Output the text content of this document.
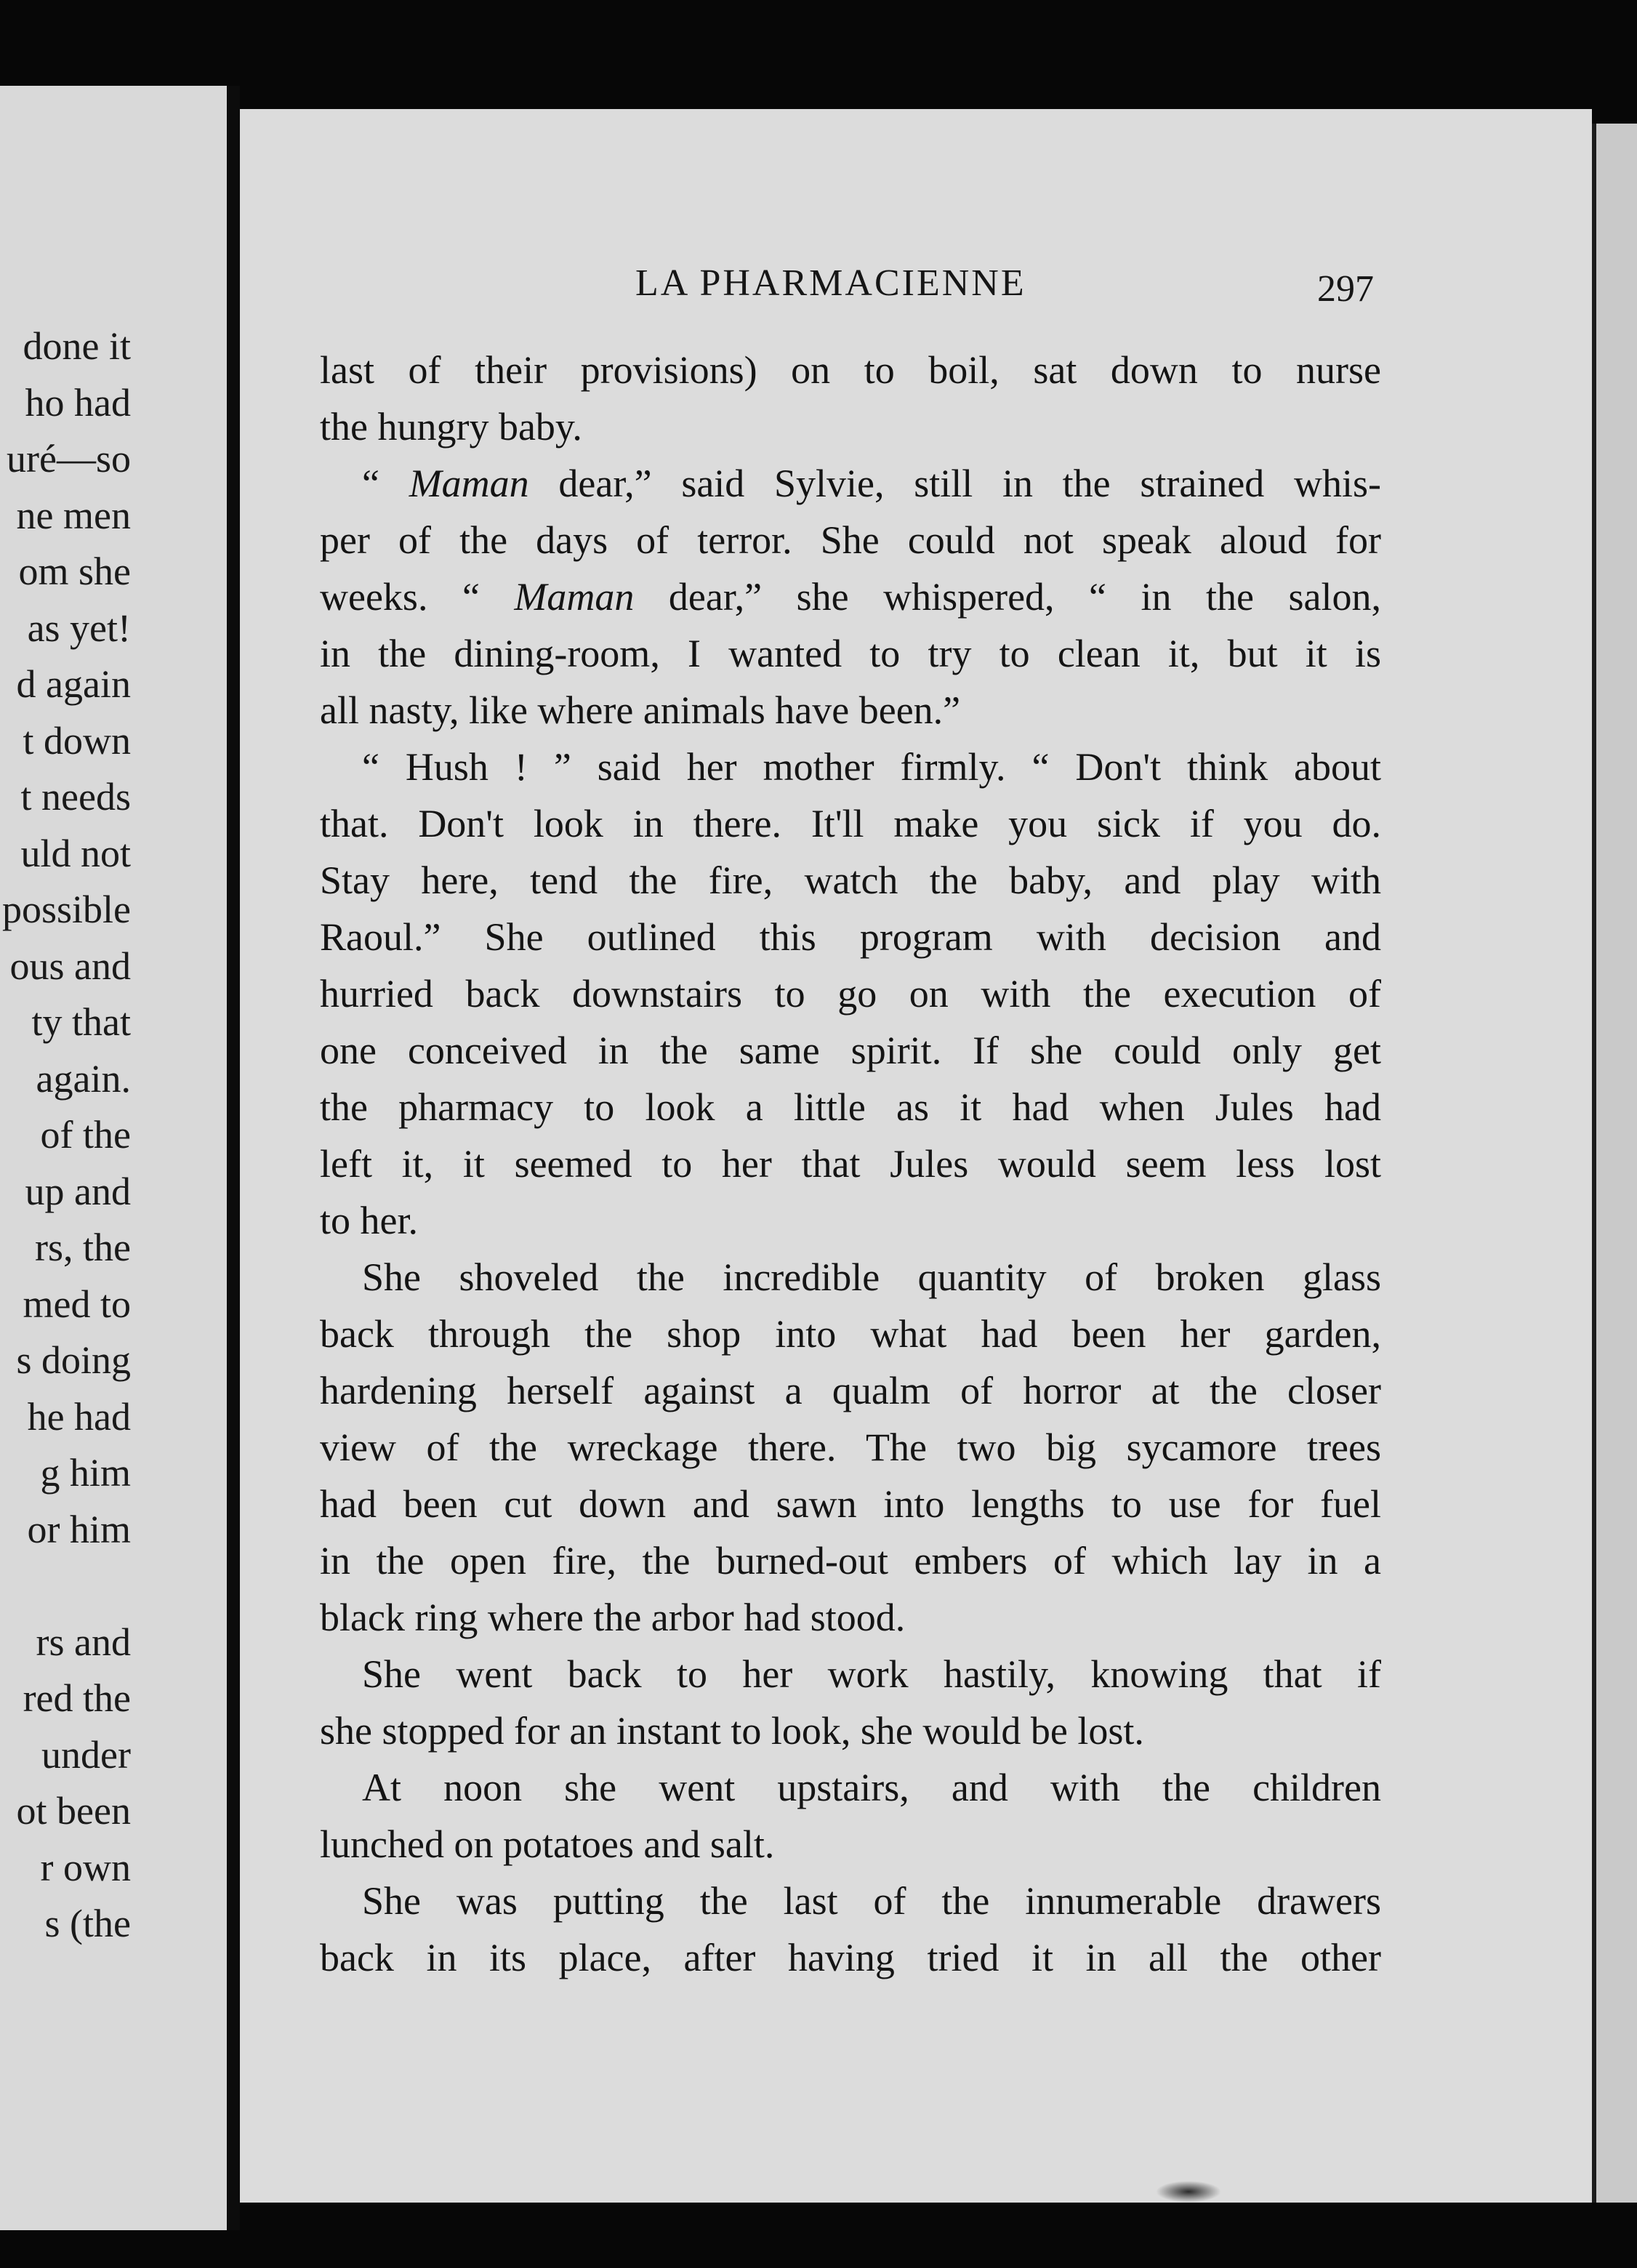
done it
ho had
uré—so
ne men
om she
as yet!
d again
t down
t needs
uld not
possible
ous and
ty that
again.
of the
up and
rs, the
med to
s doing
he had
g him
or him
rs and
red the
under
ot been
r own
s (the
LA PHARMACIENNE	297
last of their provisions) on to boil, sat down to nurse
the hungry baby.
“ Maman dear,” said Sylvie, still in the strained whis-
per of the days of terror. She could not speak aloud for
weeks. “ Maman dear,” she whispered, “ in the salon,
in the dining-room, I wanted to try to clean it, but it is
all nasty, like where animals have been.”
“ Hush ! ” said her mother firmly. “ Don't think about
that. Don't look in there. It'll make you sick if you do.
Stay here, tend the fire, watch the baby, and play with
Raoul.” She outlined this program with decision and
hurried back downstairs to go on with the execution of
one conceived in the same spirit. If she could only get
the pharmacy to look a little as it had when Jules had
left it, it seemed to her that Jules would seem less lost
to her.
She shoveled the incredible quantity of broken glass
back through the shop into what had been her garden,
hardening herself against a qualm of horror at the closer
view of the wreckage there. The two big sycamore trees
had been cut down and sawn into lengths to use for fuel
in the open fire, the burned-out embers of which lay in a
black ring where the arbor had stood.
She went back to her work hastily, knowing that if
she stopped for an instant to look, she would be lost.
At noon she went upstairs, and with the children
lunched on potatoes and salt.
She was putting the last of the innumerable drawers
back in its place, after having tried it in all the other
